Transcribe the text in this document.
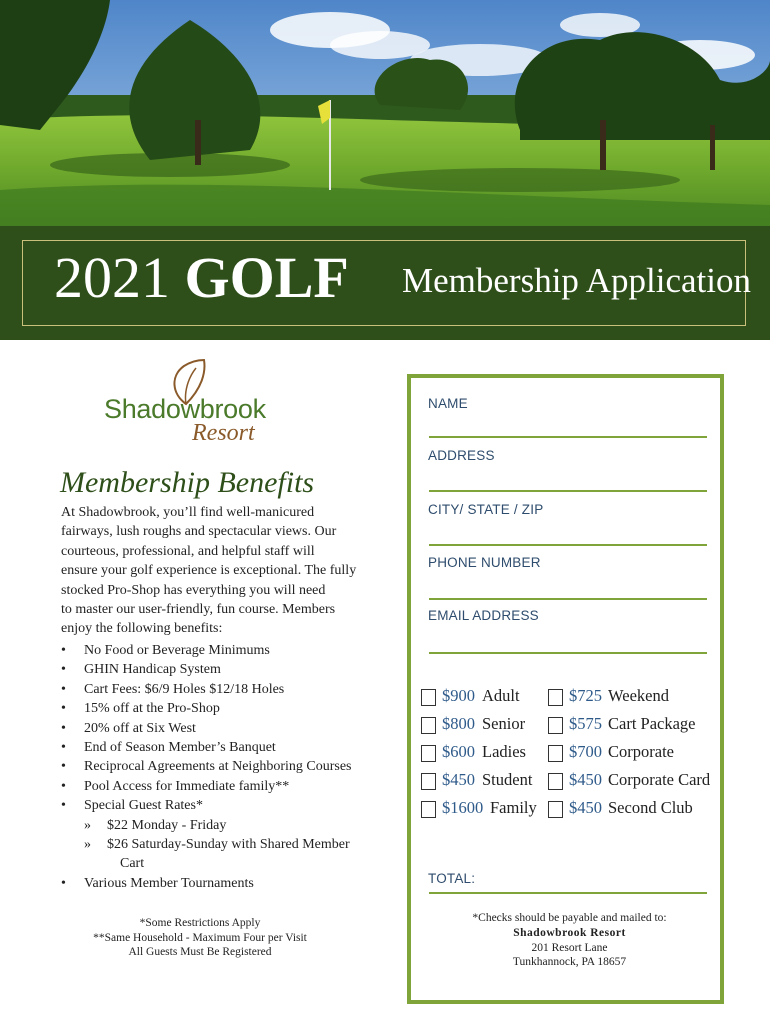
2021 GOLF Membership Application
Shadowbrook
Resort
Membership Benefits
At Shadowbrook, you’ll find well-manicured
fairways, lush roughs and spectacular views. Our
courteous, professional, and helpful staff will
ensure your golf experience is exceptional. The fully
stocked Pro-Shop has everything you will need
to master our user-friendly, fun course. Members
enjoy the following benefits:
• No Food or Beverage Minimums
• GHIN Handicap System
• Cart Fees: $6/9 Holes $12/18 Holes
• 15% off at the Pro-Shop
• 20% off at Six West
• End of Season Member’s Banquet
• Reciprocal Agreements at Neighboring Courses
• Pool Access for Immediate family**
• Special Guest Rates*
» $22 Monday - Friday
» $26 Saturday-Sunday with Shared Member
Cart
• Various Member Tournaments
*Some Restrictions Apply
**Same Household - Maximum Four per Visit
All Guests Must Be Registered
NAME
ADDRESS
CITY/ STATE / ZIP
PHONE NUMBER
EMAIL ADDRESS
$900 Adult
$800 Senior
$600 Ladies
$450 Student
$1600 Family
$725 Weekend
$575 Cart Package
$700 Corporate
$450 Corporate Card
$450 Second Club
TOTAL:
*Checks should be payable and mailed to:
Shadowbrook Resort
201 Resort Lane
Tunkhannock, PA 18657
